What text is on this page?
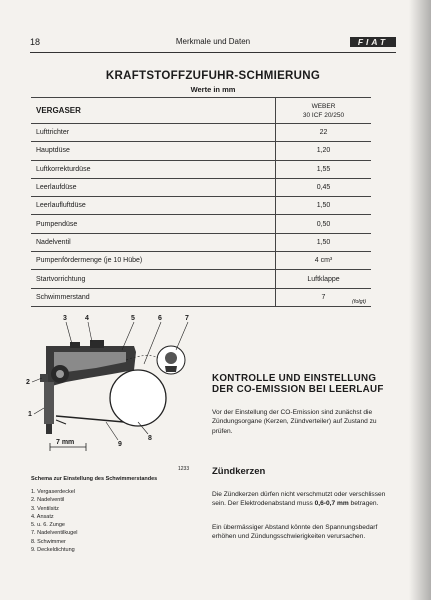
18	Merkmale und Daten	FIAT
KRAFTSTOFFZUFUHR-SCHMIERUNG
Werte in mm
VERGASER	WEBER
30 ICF 20/250

Lufttrichter	22
Hauptdüse	1,20
Luftkorrekturdüse	1,55
Leerlaufdüse	0,45
Leerlaufluftdüse	1,50
Pumpendüse	0,50
Nadelventil	1,50
Pumpenfördermenge (je 10 Hübe)	4 cm³
Startvorrichtung	Luftklappe
Schwimmerstand	7
(folgt)
3	4	5	6	7
2
1
9
8
7 mm
1233
Schema zur Einstellung des Schwimmerstandes
1. Vergaserdeckel
2. Nadelventil
3. Ventilsitz
4. Ansatz
5. u. 6. Zunge
7. Nadelventilkugel
8. Schwimmer
9. Deckeldichtung
KONTROLLE UND EINSTELLUNG
DER CO-EMISSION BEI LEERLAUF

Vor der Einstellung der CO-Emission sind zunächst die Zündungsorgane (Kerzen, Zündverteiler) auf Zustand zu prüfen.

Zündkerzen

Die Zündkerzen dürfen nicht verschmutzt oder verschlissen sein. Der Elektrodenabstand muss 0,6-0,7 mm betragen.

Ein übermässiger Abstand könnte den Spannungsbedarf erhöhen und Zündungsschwierigkeiten verursachen.
